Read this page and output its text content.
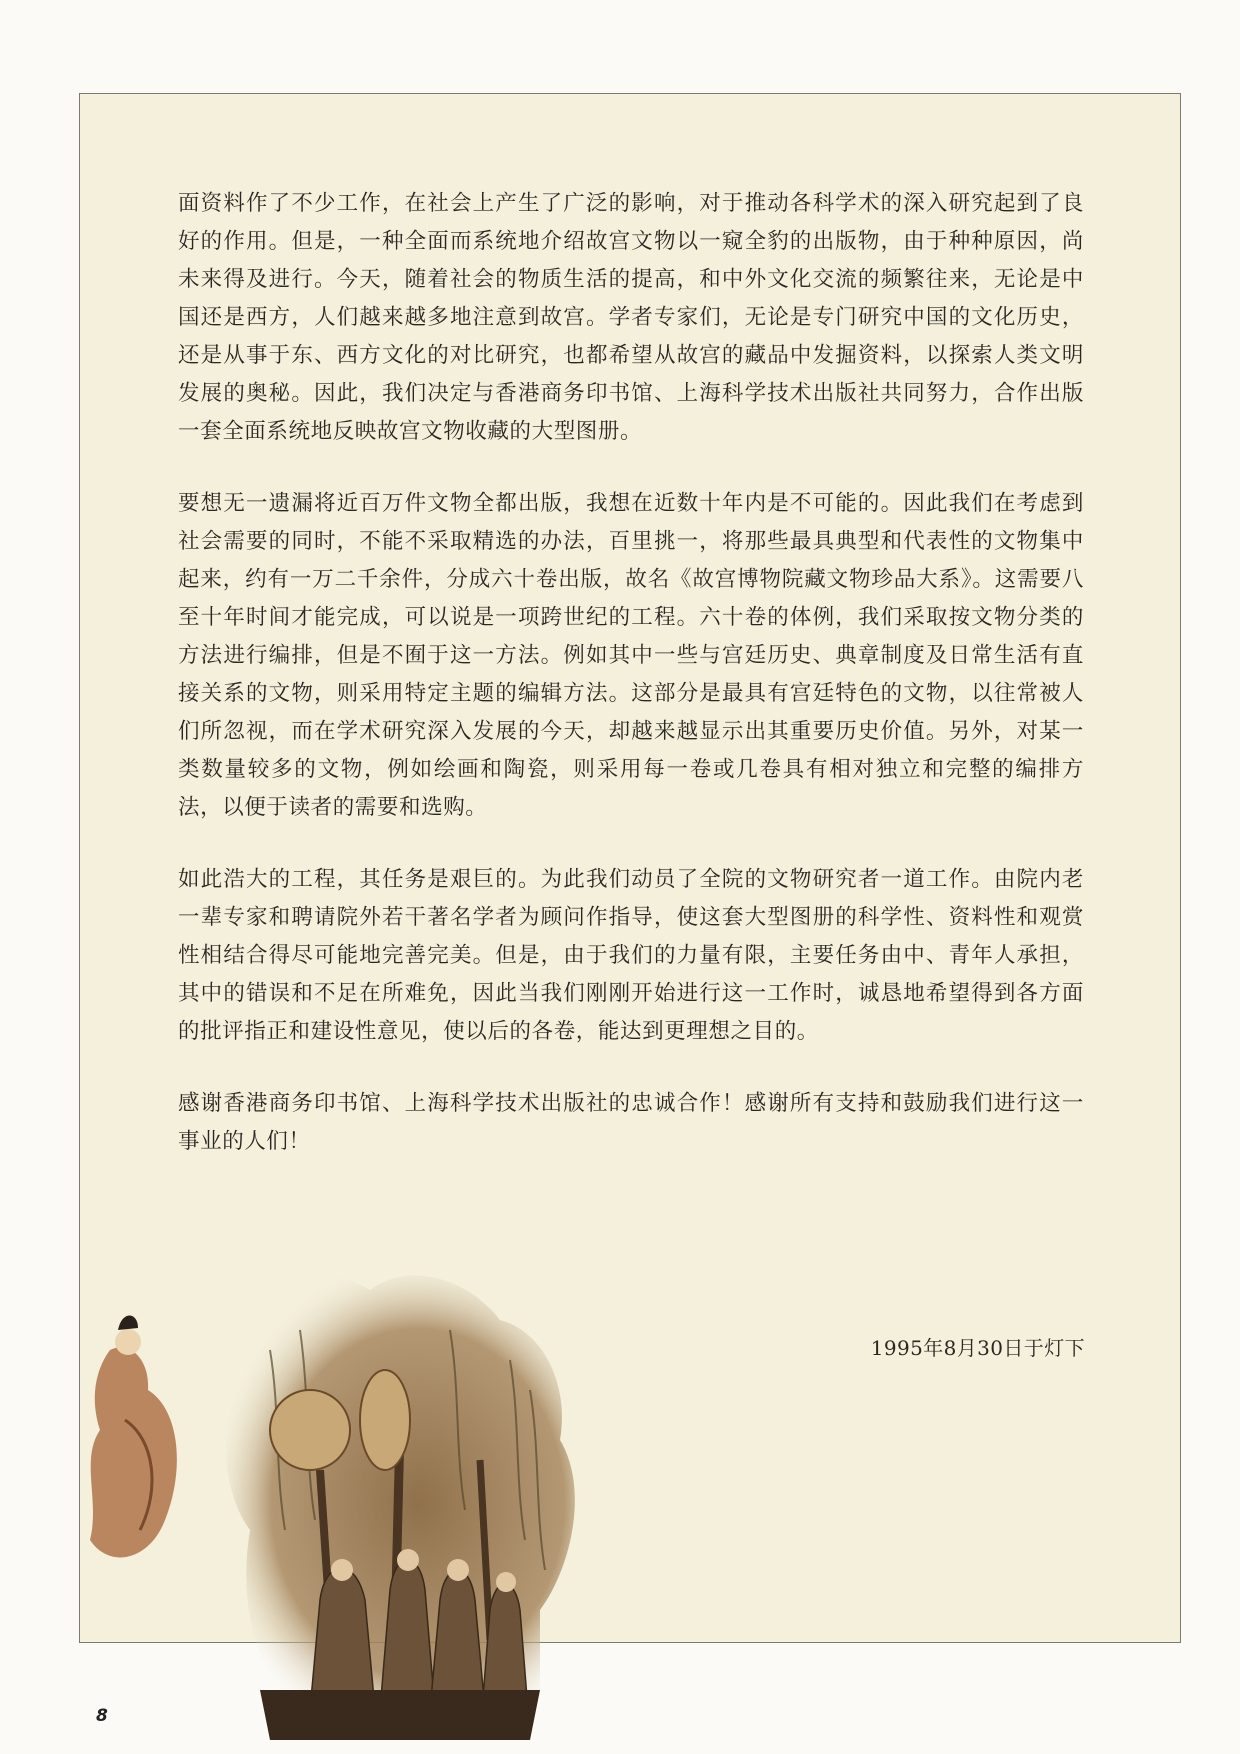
面资料作了不少工作，在社会上产生了广泛的影响，对于推动各科学术的深入研究起到了良好的作用。但是，一种全面而系统地介绍故宫文物以一窥全豹的出版物，由于种种原因，尚未来得及进行。今天，随着社会的物质生活的提高，和中外文化交流的频繁往来，无论是中国还是西方，人们越来越多地注意到故宫。学者专家们，无论是专门研究中国的文化历史，还是从事于东、西方文化的对比研究，也都希望从故宫的藏品中发掘资料，以探索人类文明发展的奥秘。因此，我们决定与香港商务印书馆、上海科学技术出版社共同努力，合作出版一套全面系统地反映故宫文物收藏的大型图册。

要想无一遗漏将近百万件文物全都出版，我想在近数十年内是不可能的。因此我们在考虑到社会需要的同时，不能不采取精选的办法，百里挑一，将那些最具典型和代表性的文物集中起来，约有一万二千余件，分成六十卷出版，故名《故宫博物院藏文物珍品大系》。这需要八至十年时间才能完成，可以说是一项跨世纪的工程。六十卷的体例，我们采取按文物分类的方法进行编排，但是不囿于这一方法。例如其中一些与宫廷历史、典章制度及日常生活有直接关系的文物，则采用特定主题的编辑方法。这部分是最具有宫廷特色的文物，以往常被人们所忽视，而在学术研究深入发展的今天，却越来越显示出其重要历史价值。另外，对某一类数量较多的文物，例如绘画和陶瓷，则采用每一卷或几卷具有相对独立和完整的编排方法，以便于读者的需要和选购。

如此浩大的工程，其任务是艰巨的。为此我们动员了全院的文物研究者一道工作。由院内老一辈专家和聘请院外若干著名学者为顾问作指导，使这套大型图册的科学性、资料性和观赏性相结合得尽可能地完善完美。但是，由于我们的力量有限，主要任务由中、青年人承担，其中的错误和不足在所难免，因此当我们刚刚开始进行这一工作时，诚恳地希望得到各方面的批评指正和建设性意见，使以后的各卷，能达到更理想之目的。

感谢香港商务印书馆、上海科学技术出版社的忠诚合作！感谢所有支持和鼓励我们进行这一事业的人们！

1995年8月30日于灯下
8
